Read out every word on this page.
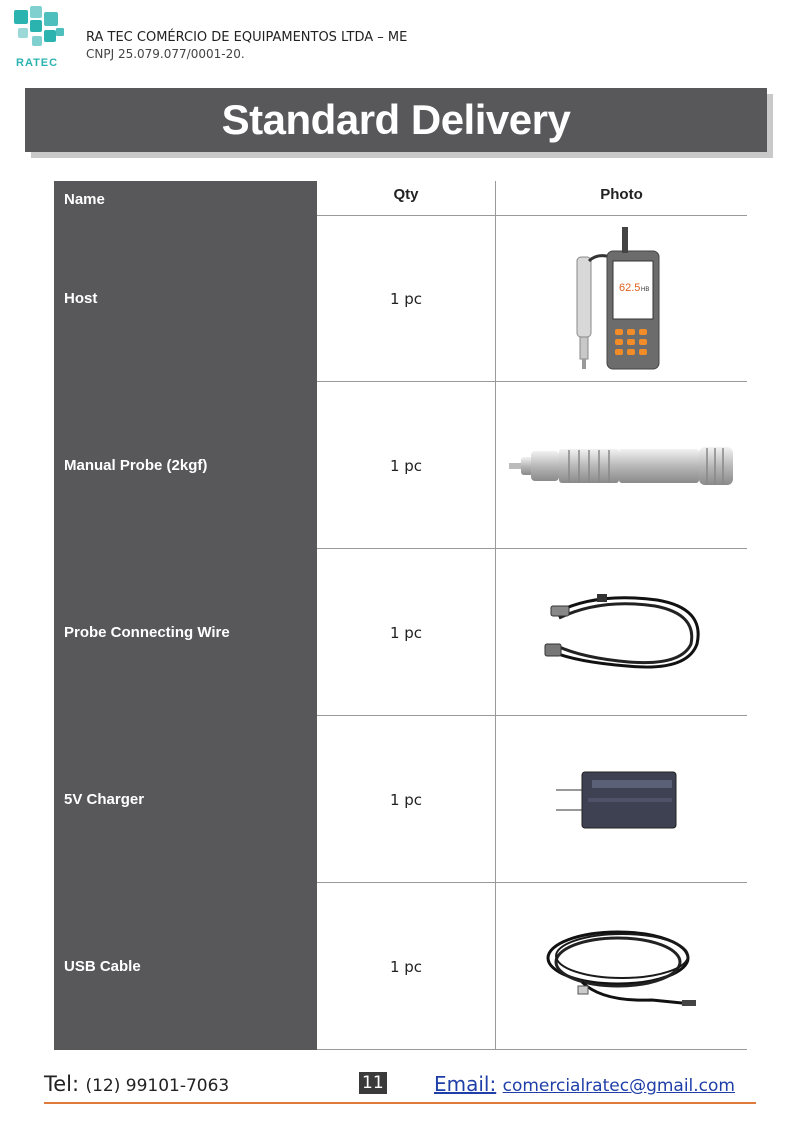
RATEC
RA TEC COMÉRCIO DE EQUIPAMENTOS LTDA – ME
CNPJ 25.079.077/0001-20.
Standard Delivery
Name	Qty	Photo
Host	1 pc
62.5 HB
Manual Probe (2kgf)	1 pc
Probe Connecting Wire	1 pc
5V Charger	1 pc
USB Cable	1 pc
Tel: (12) 99101-7063	11	Email: comercialratec@gmail.com
